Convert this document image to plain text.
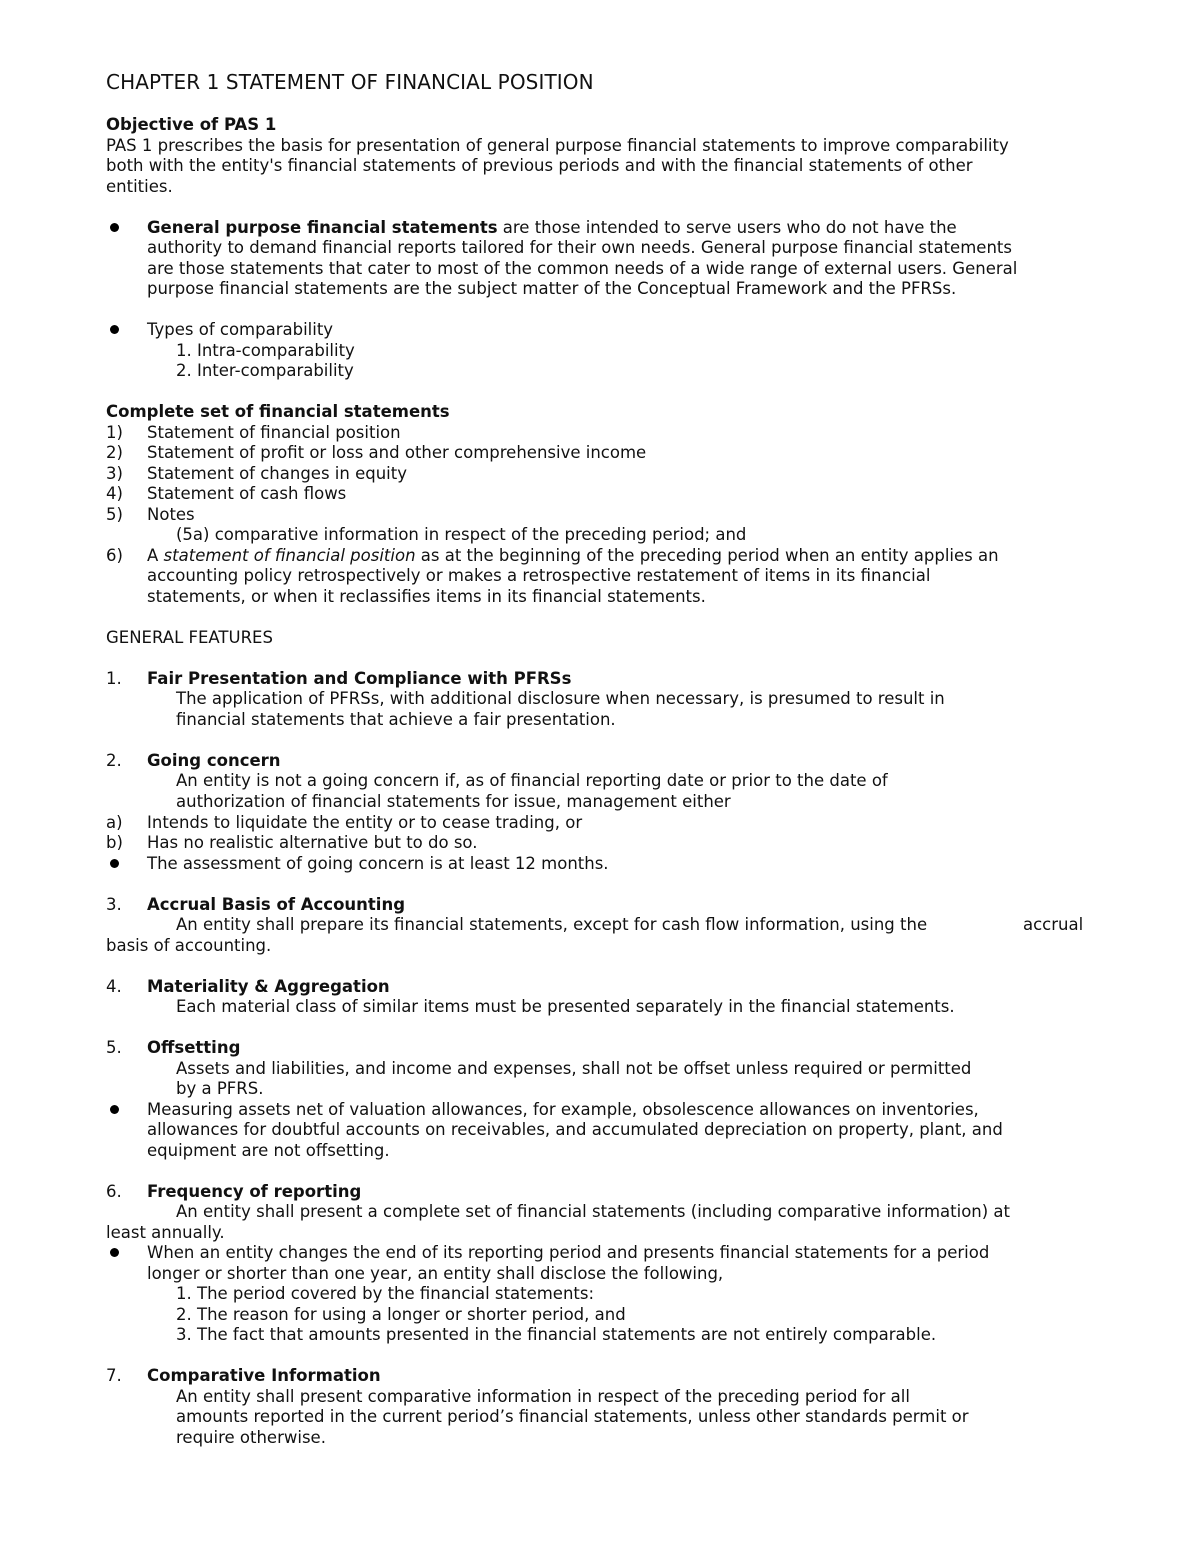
CHAPTER 1 STATEMENT OF FINANCIAL POSITION
Objective of PAS 1
PAS 1 prescribes the basis for presentation of general purpose financial statements to improve comparability
both with the entity's financial statements of previous periods and with the financial statements of other
entities.
General purpose financial statements are those intended to serve users who do not have the
authority to demand financial reports tailored for their own needs. General purpose financial statements
are those statements that cater to most of the common needs of a wide range of external users. General
purpose financial statements are the subject matter of the Conceptual Framework and the PFRSs.
Types of comparability
1. Intra-comparability
2. Inter-comparability
Complete set of financial statements
1) Statement of financial position
2) Statement of profit or loss and other comprehensive income
3) Statement of changes in equity
4) Statement of cash flows
5) Notes
(5a) comparative information in respect of the preceding period; and
6) A statement of financial position as at the beginning of the preceding period when an entity applies an
accounting policy retrospectively or makes a retrospective restatement of items in its financial
statements, or when it reclassifies items in its financial statements.
GENERAL FEATURES
1. Fair Presentation and Compliance with PFRSs
The application of PFRSs, with additional disclosure when necessary, is presumed to result in
financial statements that achieve a fair presentation.
2. Going concern
An entity is not a going concern if, as of financial reporting date or prior to the date of
authorization of financial statements for issue, management either
a) Intends to liquidate the entity or to cease trading, or
b) Has no realistic alternative but to do so.
The assessment of going concern is at least 12 months.
3. Accrual Basis of Accounting
An entity shall prepare its financial statements, except for cash flow information, using the	accrual
basis of accounting.
4. Materiality & Aggregation
Each material class of similar items must be presented separately in the financial statements.
5. Offsetting
Assets and liabilities, and income and expenses, shall not be offset unless required or permitted
by a PFRS.
Measuring assets net of valuation allowances, for example, obsolescence allowances on inventories,
allowances for doubtful accounts on receivables, and accumulated depreciation on property, plant, and
equipment are not offsetting.
6. Frequency of reporting
An entity shall present a complete set of financial statements (including comparative information) at
least annually.
When an entity changes the end of its reporting period and presents financial statements for a period
longer or shorter than one year, an entity shall disclose the following,
1. The period covered by the financial statements:
2. The reason for using a longer or shorter period, and
3. The fact that amounts presented in the financial statements are not entirely comparable.
7. Comparative Information
An entity shall present comparative information in respect of the preceding period for all
amounts reported in the current period’s financial statements, unless other standards permit or
require otherwise.
